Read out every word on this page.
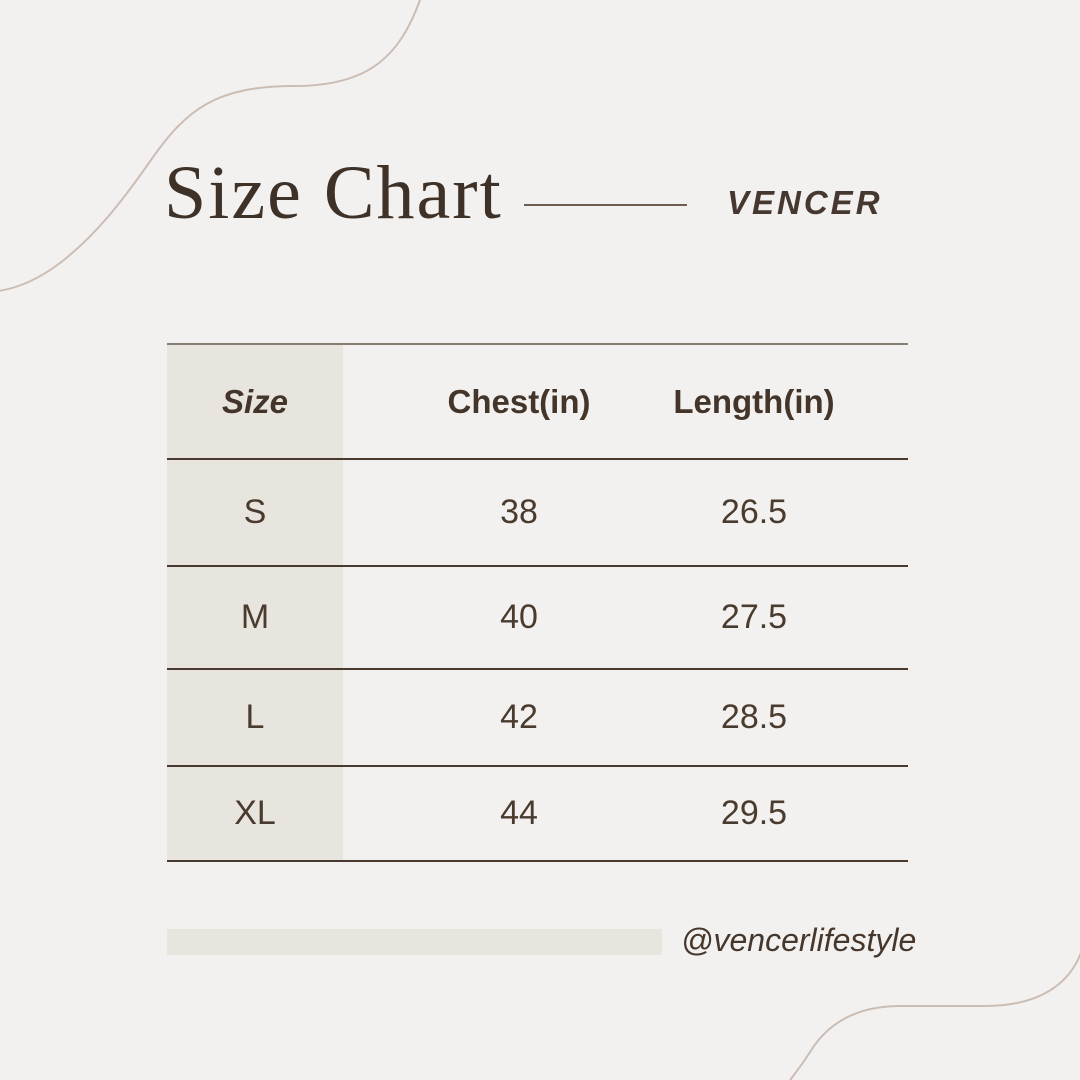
Size Chart	VENCER
Size	Chest(in)	Length(in)
S	38	26.5
M	40	27.5
L	42	28.5
XL	44	29.5
@vencerlifestyle
